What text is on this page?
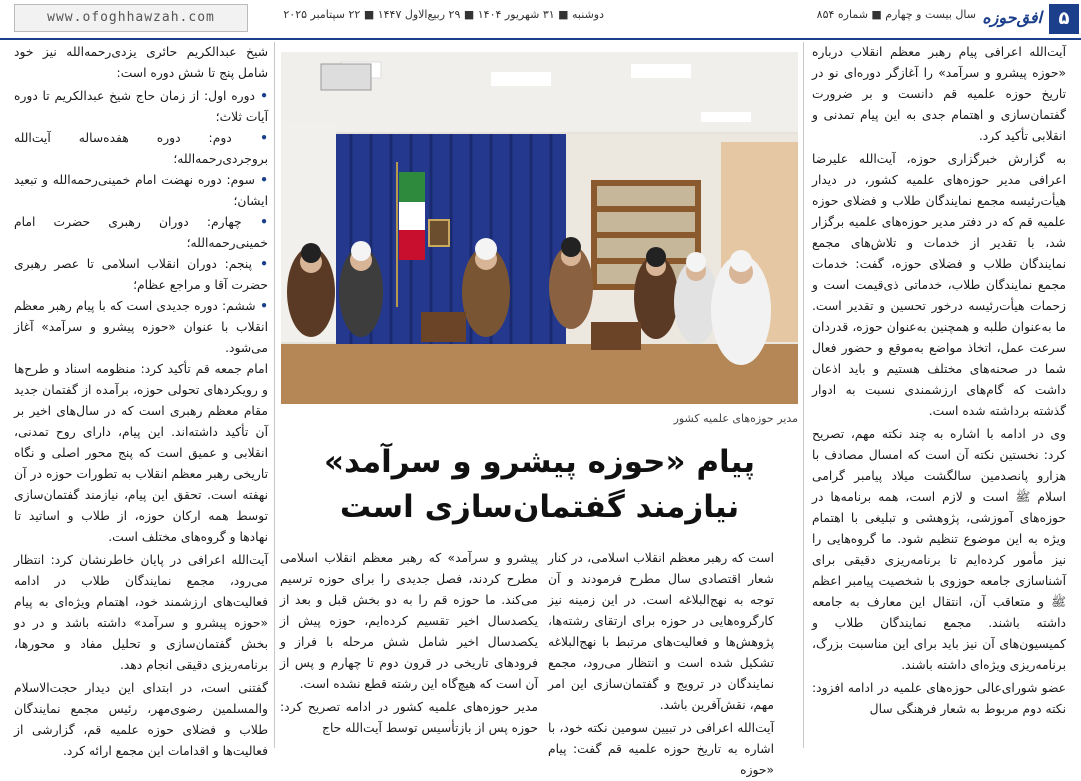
www.ofoghhawzah.com	دوشنبه ■ ۳۱ شهریور ۱۴۰۴ ■ ۲۹ ربیع‌الاول ۱۴۴۷ ■ ۲۲ سپتامبر ۲۰۲۵	سال بیست و چهارم ■ شماره ۸۵۴ افق‌حوزه ۵

آیت‌الله اعرافی پیام رهبر معظم انقلاب درباره «حوزه پیشرو و سرآمد» را آغازگر دوره‌ای نو در تاریخ حوزه علمیه قم دانست و بر ضرورت گفتمان‌سازی و اهتمام جدی به این پیام تمدنی و انقلابی تأکید کرد.

به گزارش خبرگزاری حوزه، آیت‌الله علیرضا اعرافی مدیر حوزه‌های علمیه کشور، در دیدار هیأت‌رئیسه مجمع نمایندگان طلاب و فضلای حوزه علمیه قم که در دفتر مدیر حوزه‌های علمیه برگزار شد، با تقدیر از خدمات و تلاش‌های مجمع نمایندگان طلاب و فضلای حوزه، گفت: خدمات مجمع نمایندگان طلاب، خدماتی ذی‌قیمت است و زحمات هیأت‌رئیسه درخور تحسین و تقدیر است. ما به‌عنوان طلبه و همچنین به‌عنوان حوزه، قدردان سرعت عمل، اتخاذ مواضع به‌موقع و حضور فعال شما در صحنه‌های مختلف هستیم و باید اذعان داشت که گام‌های ارزشمندی نسبت به ادوار گذشته برداشته شده است.

وی در ادامه با اشاره به چند نکته مهم، تصریح کرد: نخستین نکته آن است که امسال مصادف با هزارو پانصدمین سالگشت میلاد پیامبر گرامی اسلام ﷺ است و لازم است، همه برنامه‌ها در حوزه‌های آموزشی، پژوهشی و تبلیغی با اهتمام ویژه به این موضوع تنظیم شود. ما گروه‌هایی را نیز مأمور کرده‌ایم تا برنامه‌ریزی دقیقی برای آشناسازی جامعه حوزوی با شخصیت پیامبر اعظم ﷺ و متعاقب آن، انتقال این معارف به جامعه داشته باشند. مجمع نمایندگان طلاب و کمیسیون‌های آن نیز باید برای این مناسبت بزرگ، برنامه‌ریزی ویژه‌ای داشته باشند.

عضو شورای‌عالی حوزه‌های علمیه در ادامه افزود: نکته دوم مربوط به شعار فرهنگی سال

مدیر حوزه‌های علمیه کشور
پیام «حوزه پیشرو و سرآمد»
نیازمند گفتمان‌سازی است

است که رهبر معظم انقلاب اسلامی، در کنار شعار اقتصادی سال مطرح فرمودند و آن توجه به نهج‌البلاغه است. در این زمینه نیز کارگروه‌هایی در حوزه برای ارتقای رشته‌ها، پژوهش‌ها و فعالیت‌های مرتبط با نهج‌البلاغه تشکیل شده است و انتظار می‌رود، مجمع نمایندگان در ترویج و گفتمان‌سازی این امر مهم، نقش‌آفرین باشد.

آیت‌الله اعرافی در تبیین سومین نکته خود، با اشاره به تاریخ حوزه علمیه قم گفت: پیام «حوزه

پیشرو و سرآمد» که رهبر معظم انقلاب اسلامی مطرح کردند، فصل جدیدی را برای حوزه ترسیم می‌کند. ما حوزه قم را به دو بخش قبل و بعد از یکصدسال اخیر تقسیم کرده‌ایم، حوزه پیش از یکصدسال اخیر شامل شش مرحله با فراز و فرودهای تاریخی در قرون دوم تا چهارم و پس از آن است که هیچ‌گاه این رشته قطع نشده است.

مدیر حوزه‌های علمیه کشور در ادامه تصریح کرد: حوزه پس از بازتأسیس توسط آیت‌الله حاج

شیخ عبدالکریم حائری یزدی‌رحمه‌الله نیز خود شامل پنج تا شش دوره است:

• دوره اول: از زمان حاج شیخ عبدالکریم تا دوره آیات ثلاث؛
• دوم: دوره هفده‌ساله آیت‌الله بروجردی‌رحمه‌الله؛
• سوم: دوره نهضت امام خمینی‌رحمه‌الله و تبعید ایشان؛
• چهارم: دوران رهبری حضرت امام خمینی‌رحمه‌الله؛
• پنجم: دوران انقلاب اسلامی تا عصر رهبری حضرت آقا و مراجع عظام؛
• ششم: دوره جدیدی است که با پیام رهبر معظم انقلاب با عنوان «حوزه پیشرو و سرآمد» آغاز می‌شود.

امام جمعه قم تأکید کرد: منظومه اسناد و طرح‌ها و رویکردهای تحولی حوزه، برآمده از گفتمان جدید مقام معظم رهبری است که در سال‌های اخیر بر آن تأکید داشته‌اند. این پیام، دارای روح تمدنی، انقلابی و عمیق است که پنج محور اصلی و نگاه تاریخی رهبر معظم انقلاب به تطورات حوزه در آن نهفته است. تحقق این پیام، نیازمند گفتمان‌سازی توسط همه ارکان حوزه، از طلاب و اساتید تا نهادها و گروه‌های مختلف است.

آیت‌الله اعرافی در پایان خاطرنشان کرد: انتظار می‌رود، مجمع نمایندگان طلاب در ادامه فعالیت‌های ارزشمند خود، اهتمام ویژه‌ای به پیام «حوزه پیشرو و سرآمد» داشته باشد و در دو بخش گفتمان‌سازی و تحلیل مفاد و محورها، برنامه‌ریزی دقیقی انجام دهد.

گفتنی است، در ابتدای این دیدار حجت‌الاسلام والمسلمین رضوی‌مهر، رئیس مجمع نمایندگان طلاب و فضلای حوزه علمیه قم، گزارشی از فعالیت‌ها و اقدامات این مجمع ارائه کرد.
